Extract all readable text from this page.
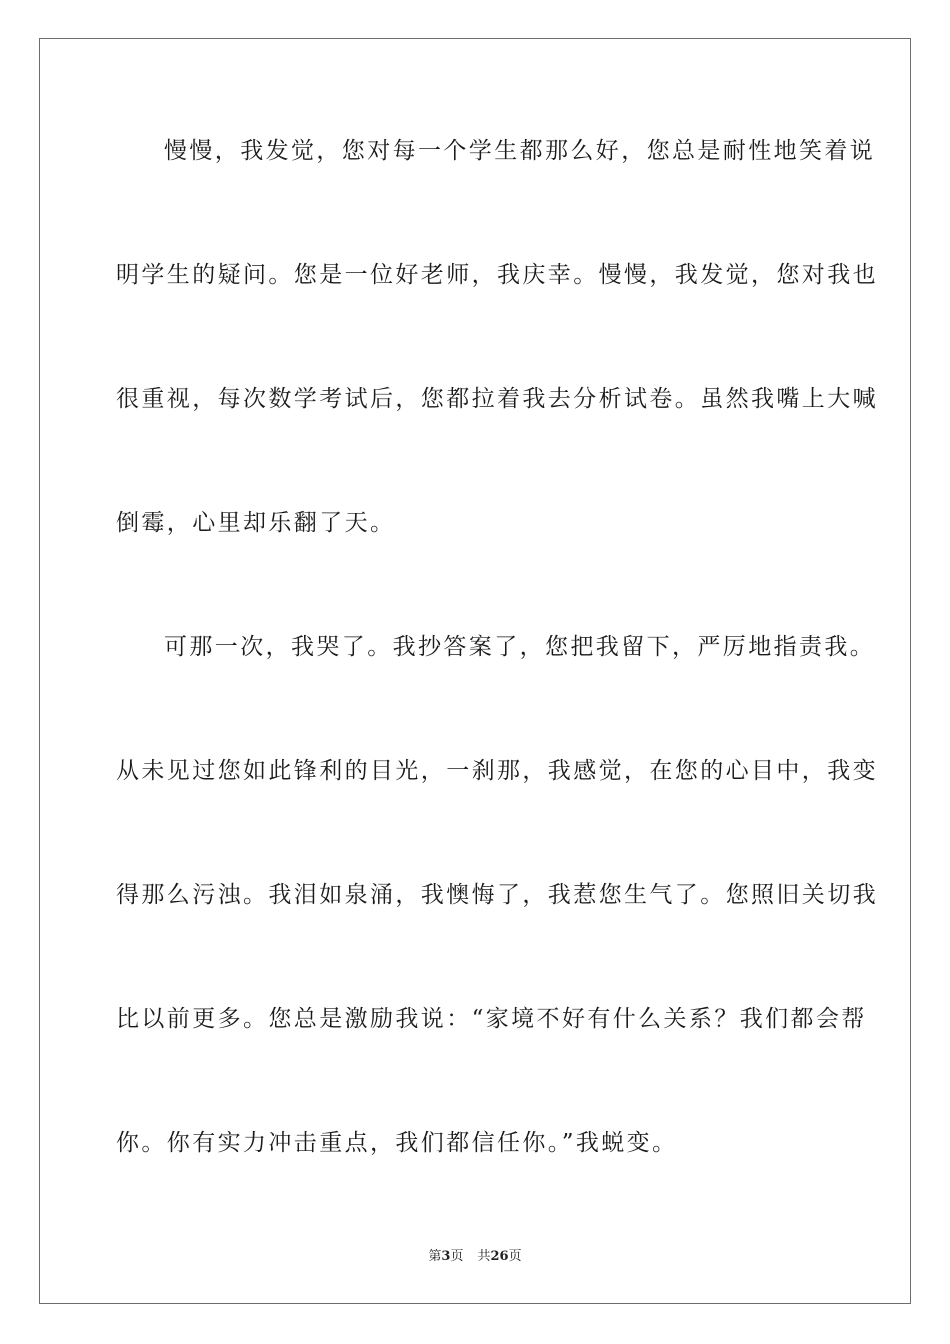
慢慢，我发觉，您对每一个学生都那么好，您总是耐性地笑着说
明学生的疑问。您是一位好老师，我庆幸。慢慢，我发觉，您对我也
很重视，每次数学考试后，您都拉着我去分析试卷。虽然我嘴上大喊
倒霉，心里却乐翻了天。
可那一次，我哭了。我抄答案了，您把我留下，严厉地指责我。
从未见过您如此锋利的目光，一刹那，我感觉，在您的心目中，我变
得那么污浊。我泪如泉涌，我懊悔了，我惹您生气了。您照旧关切我
比以前更多。您总是激励我说：“家境不好有什么关系？我们都会帮
你。你有实力冲击重点，我们都信任你。”我蜕变。
第3页 共26页
